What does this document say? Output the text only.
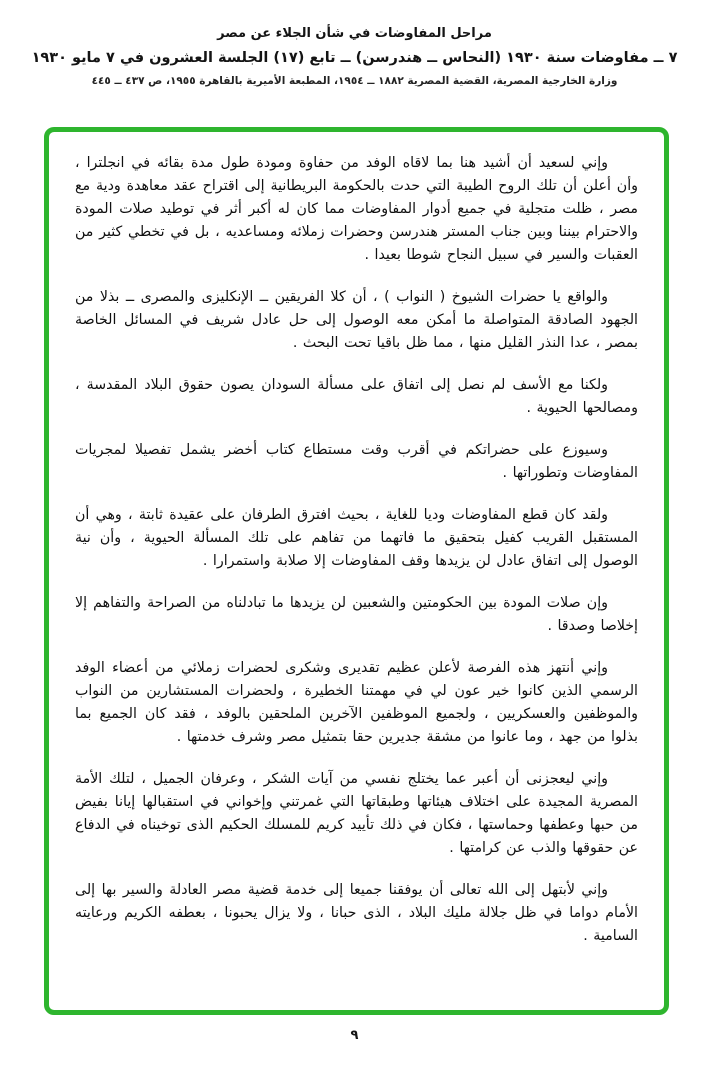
مراحل المفاوضات في شأن الجلاء عن مصر
٧ ــ مفاوضات سنة ١٩٣٠ (النحاس ــ هندرسن) ــ تابع (١٧) الجلسة العشرون في ٧ مايو ١٩٣٠
وزارة الخارجية المصرية، القضية المصرية ١٨٨٢ ــ ١٩٥٤، المطبعة الأميرية بالقاهرة ١٩٥٥، ص ٤٣٧ ــ ٤٤٥

وإني لسعيد أن أشيد هنا بما لاقاه الوفد من حفاوة ومودة طول مدة بقائه في انجلترا ، وأن أعلن أن تلك الروح الطيبة التي حدت بالحكومة البريطانية إلى اقتراح عقد معاهدة ودية مع مصر ، ظلت متجلية في جميع أدوار المفاوضات مما كان له أكبر أثر في توطيد صلات المودة والاحترام بيننا وبين جناب المستر هندرسن وحضرات زملائه ومساعديه ، بل في تخطي كثير من العقبات والسير في سبيل النجاح شوطا بعيدا .

والواقع يا حضرات الشيوخ ( النواب ) ، أن كلا الفريقين ــ الإنكليزى والمصرى ــ بذلا من الجهود الصادقة المتواصلة ما أمكن معه الوصول إلى حل عادل شريف في المسائل الخاصة بمصر ، عدا النذر القليل منها ، مما ظل باقيا تحت البحث .

ولكنا مع الأسف لم نصل إلى اتفاق على مسألة السودان يصون حقوق البلاد المقدسة ، ومصالحها الحيوية .

وسيوزع على حضراتكم في أقرب وقت مستطاع كتاب أخضر يشمل تفصيلا لمجريات المفاوضات وتطوراتها .

ولقد كان قطع المفاوضات وديا للغاية ، بحيث افترق الطرفان على عقيدة ثابتة ، وهي أن المستقبل القريب كفيل بتحقيق ما فاتهما من تفاهم على تلك المسألة الحيوية ، وأن نية الوصول إلى اتفاق عادل لن يزيدها وقف المفاوضات إلا صلابة واستمرارا .

وإن صلات المودة بين الحكومتين والشعبين لن يزيدها ما تبادلناه من الصراحة والتفاهم إلا إخلاصا وصدقا .

وإني أنتهز هذه الفرصة لأعلن عظيم تقديرى وشكرى لحضرات زملائي من أعضاء الوفد الرسمي الذين كانوا خير عون لي في مهمتنا الخطيرة ، ولحضرات المستشارين من النواب والموظفين والعسكريين ، ولجميع الموظفين الآخرين الملحقين بالوفد ، فقد كان الجميع بما بذلوا من جهد ، وما عانوا من مشقة جديرين حقا بتمثيل مصر وشرف خدمتها .

وإني ليعجزنى أن أعبر عما يختلج نفسي من آيات الشكر ، وعرفان الجميل ، لتلك الأمة المصرية المجيدة على اختلاف هيئاتها وطبقاتها التي غمرتني وإخواني في استقبالها إيانا بفيض من حبها وعطفها وحماستها ، فكان في ذلك تأييد كريم للمسلك الحكيم الذى توخيناه في الدفاع عن حقوقها والذب عن كرامتها .

وإني لأبتهل إلى الله تعالى أن يوفقنا جميعا إلى خدمة قضية مصر العادلة والسير بها إلى الأمام دواما في ظل جلالة مليك البلاد ، الذى حبانا ، ولا يزال يحبونا ، بعطفه الكريم ورعايته السامية .

٩
